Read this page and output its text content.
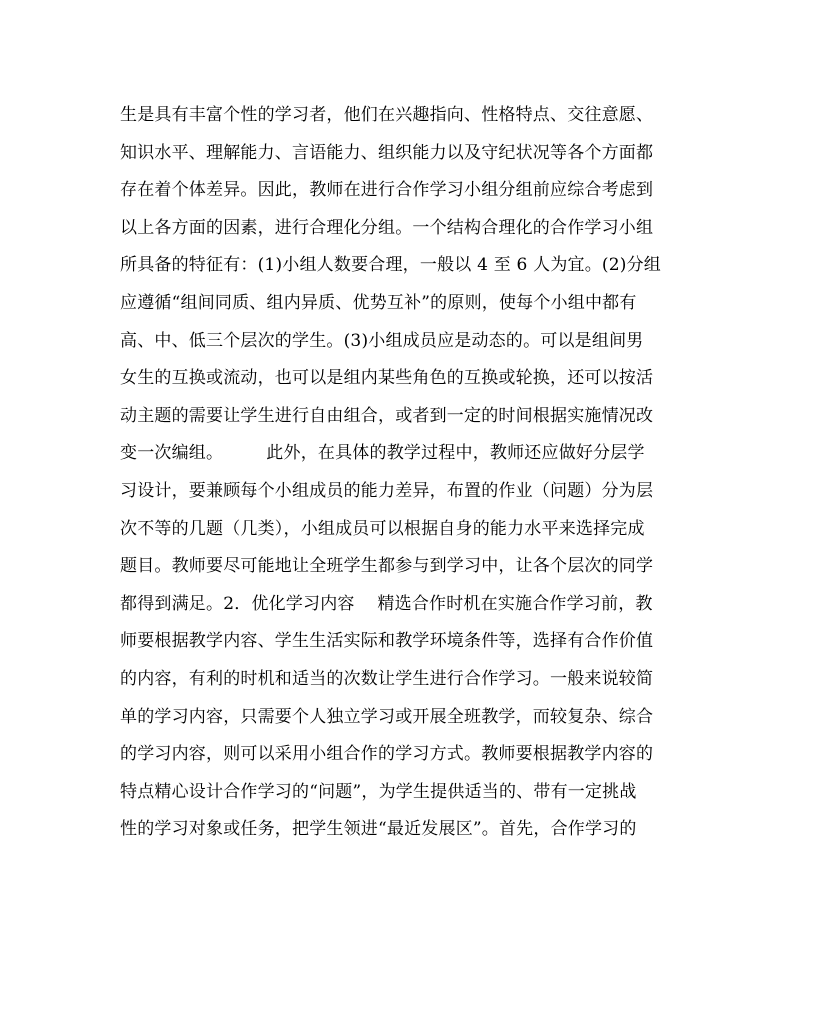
生是具有丰富个性的学习者，他们在兴趣指向、性格特点、交往意愿、
知识水平、理解能力、言语能力、组织能力以及守纪状况等各个方面都
存在着个体差异。因此，教师在进行合作学习小组分组前应综合考虑到
以上各方面的因素，进行合理化分组。一个结构合理化的合作学习小组
所具备的特征有：(1)小组人数要合理，一般以 4 至 6 人为宜。(2)分组
应遵循“组间同质、组内异质、优势互补”的原则，使每个小组中都有
高、中、低三个层次的学生。(3)小组成员应是动态的。可以是组间男
女生的互换或流动，也可以是组内某些角色的互换或轮换，还可以按活
动主题的需要让学生进行自由组合，或者到一定的时间根据实施情况改
变一次编组。　　　此外，在具体的教学过程中，教师还应做好分层学
习设计，要兼顾每个小组成员的能力差异，布置的作业（问题）分为层
次不等的几题（几类），小组成员可以根据自身的能力水平来选择完成
题目。教师要尽可能地让全班学生都参与到学习中，让各个层次的同学
都得到满足。2．优化学习内容　 精选合作时机在实施合作学习前，教
师要根据教学内容、学生生活实际和教学环境条件等，选择有合作价值
的内容，有利的时机和适当的次数让学生进行合作学习。一般来说较简
单的学习内容，只需要个人独立学习或开展全班教学，而较复杂、综合
的学习内容，则可以采用小组合作的学习方式。教师要根据教学内容的
特点精心设计合作学习的“问题”，为学生提供适当的、带有一定挑战
性的学习对象或任务，把学生领进“最近发展区”。首先，合作学习的
